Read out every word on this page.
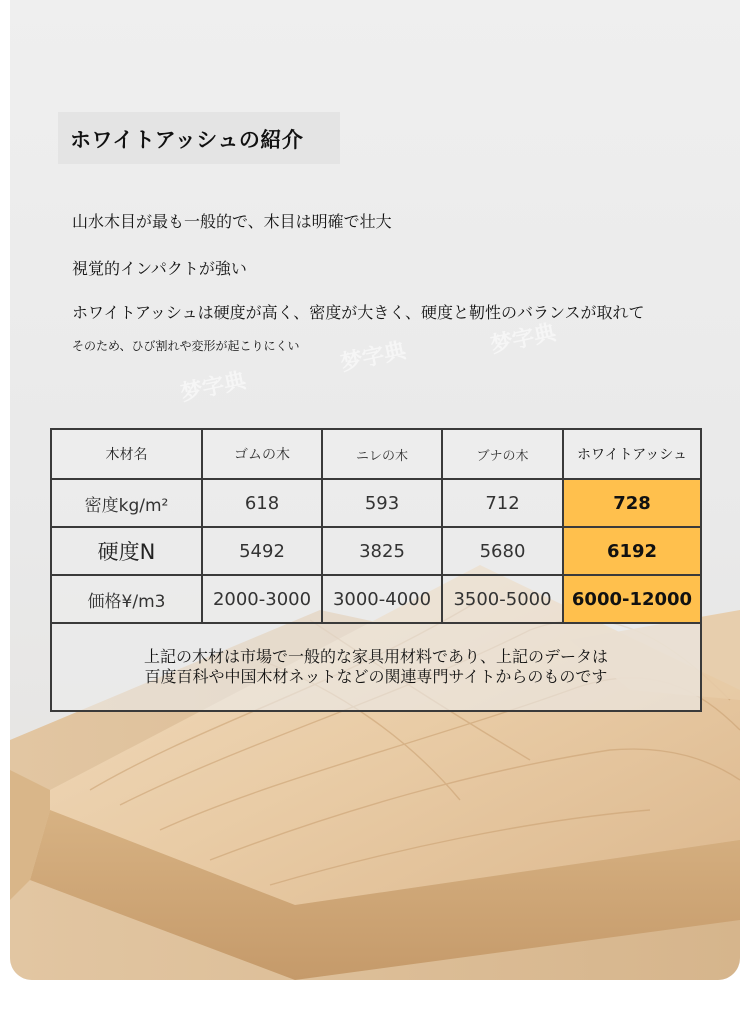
梦字典
梦字典	梦字典
ホワイトアッシュの紹介
山水木目が最も一般的で、木目は明確で壮大
視覚的インパクトが強い
ホワイトアッシュは硬度が高く、密度が大きく、硬度と靭性のバランスが取れて
そのため、ひび割れや変形が起こりにくい
木材名	ゴムの木	ニレの木	ブナの木	ホワイトアッシュ
密度kg/m²	618	593	712	728
硬度N	5492	3825	5680	6192
価格¥/m3	2000-3000	3000-4000	3500-5000	6000-12000

上記の木材は市場で一般的な家具用材料であり、上記のデータは
百度百科や中国木材ネットなどの関連専門サイトからのものです				
